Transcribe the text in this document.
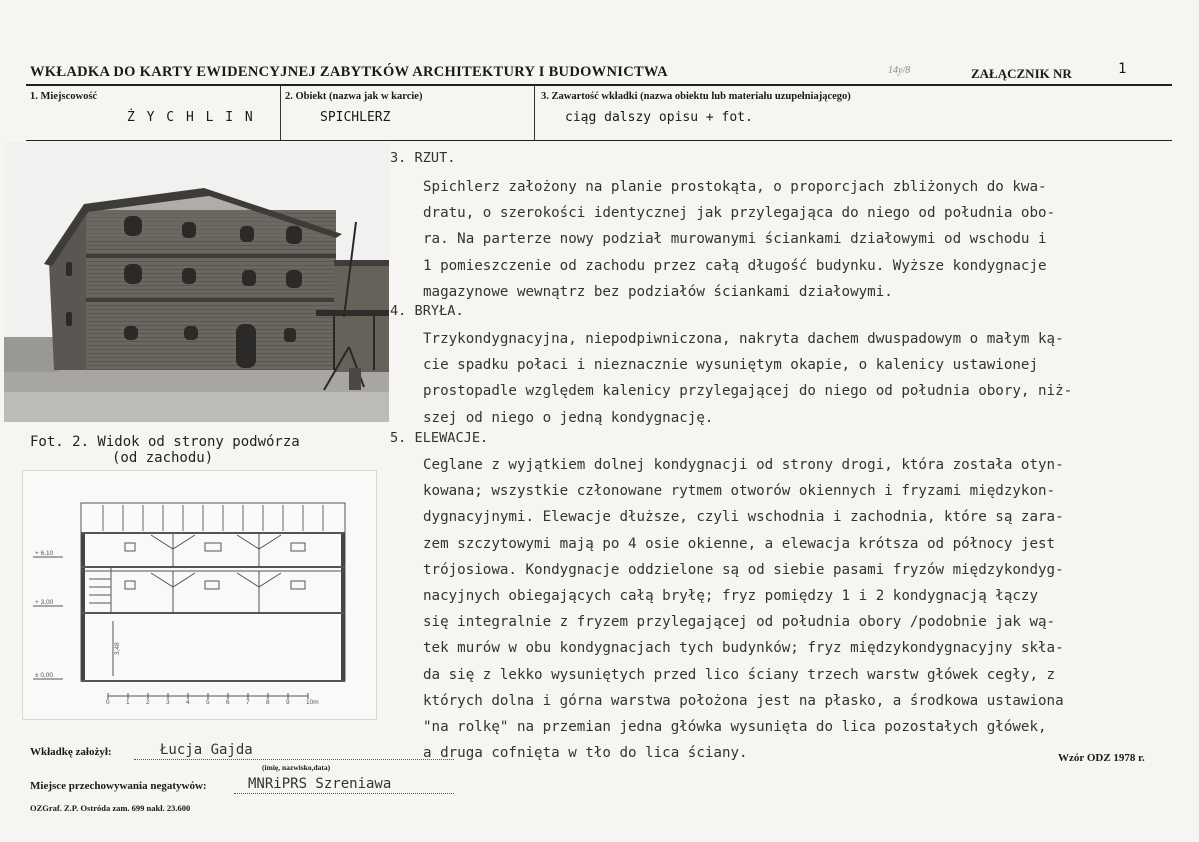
WKŁADKA DO KARTY EWIDENCYJNEJ ZABYTKÓW ARCHITEKTURY I BUDOWNICTWA	14y/8	ZAŁĄCZNIK NR	1
1. Miejscowość
Ż Y C H L I N
2. Obiekt (nazwa jak w karcie)
SPICHLERZ
3. Zawartość wkładki (nazwa obiektu lub materiału uzupełniającego)
ciąg dalszy opisu + fot.
Fot. 2. Widok od strony podwórza
(od zachodu)
+ 6,10
+ 3,00
± 0,00
3,48
0	1	2	3	4	5	6	7	8	9	10m
3. RZUT.
Spichlerz założony na planie prostokąta, o proporcjach zbliżonych do kwa-
dratu, o szerokości identycznej jak przylegająca do niego od południa obo-
ra. Na parterze nowy podział murowanymi ściankami działowymi od wschodu i
1 pomieszczenie od zachodu przez całą długość budynku. Wyższe kondygnacje
magazynowe wewnątrz bez podziałów ściankami działowymi.
4. BRYŁA.
Trzykondygnacyjna, niepodpiwniczona, nakryta dachem dwuspadowym o małym ką-
cie spadku połaci i nieznacznie wysuniętym okapie, o kalenicy ustawionej
prostopadle względem kalenicy przylegającej do niego od południa obory, niż-
szej od niego o jedną kondygnację.
5. ELEWACJE.
Ceglane z wyjątkiem dolnej kondygnacji od strony drogi, która została otyn-
kowana; wszystkie członowane rytmem otworów okiennych i fryzami międzykon-
dygnacyjnymi. Elewacje dłuższe, czyli wschodnia i zachodnia, które są zara-
zem szczytowymi mają po 4 osie okienne, a elewacja krótsza od północy jest
trójosiowa. Kondygnacje oddzielone są od siebie pasami fryzów międzykondyg-
nacyjnych obiegających całą bryłę; fryz pomiędzy 1 i 2 kondygnacją łączy
się integralnie z fryzem przylegającej od południa obory /podobnie jak wą-
tek murów w obu kondygnacjach tych budynków; fryz międzykondygnacyjny skła-
da się z lekko wysuniętych przed lico ściany trzech warstw główek cegły, z
których dolna i górna warstwa położona jest na płasko, a środkowa ustawiona
"na rolkę" na przemian jedna główka wysunięta do lica pozostałych główek,
a druga cofnięta w tło do lica ściany.
Wkładkę założył:	Łucja Gajda
(imię, nazwisko,data)
Miejsce przechowywania negatywów:	MNRiPRS Szreniawa
Wzór ODZ 1978 r.
OZGraf. Z.P. Ostróda zam. 699 nakł. 23.600
